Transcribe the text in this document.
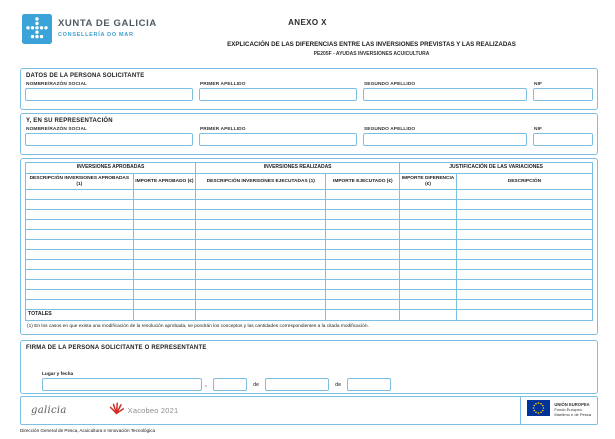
XUNTA DE GALICIA
CONSELLERÍA DO MAR
ANEXO X
EXPLICACIÓN DE LAS DIFERENCIAS ENTRE LAS INVERSIONES PREVISTAS Y LAS REALIZADAS
PE205F - AYUDAS INVERSIONES ACUICULTURA
DATOS DE LA PERSONA SOLICITANTE
NOMBRE/RAZÓN SOCIAL	PRIMER APELLIDO	SEGUNDO APELLIDO	NIF
Y, EN SU REPRESENTACIÓN
NOMBRE/RAZÓN SOCIAL	PRIMER APELLIDO	SEGUNDO APELLIDO	NIF
INVERSIONES APROBADAS		INVERSIONES REALIZADAS		JUSTIFICACIÓN DE LAS VARIACIONES	
DESCRIPCIÓN INVERSIONES APROBADAS (1)	IMPORTE APROBADO (€)	DESCRIPCIÓN INVERSIONES EJECUTADAS (1)	IMPORTE EJECUTADO (€)	IMPORTE DIFERENCIA (€)	DESCRIPCIÓN

TOTALES					
(1) En los casos en que exista una modificación de la resolución aprobada, se pondrán los conceptos y las cantidades correspondientes a la citada modificación.
FIRMA DE LA PERSONA SOLICITANTE O REPRESENTANTE
Lugar y fecha
,	de	de
galicia	Xacobeo 2021
UNIÓN EUROPEA
Fondo Europeo
Marítimo e de Pesca
Dirección General de Pesca, Acuicultura e Innovación Tecnológica
